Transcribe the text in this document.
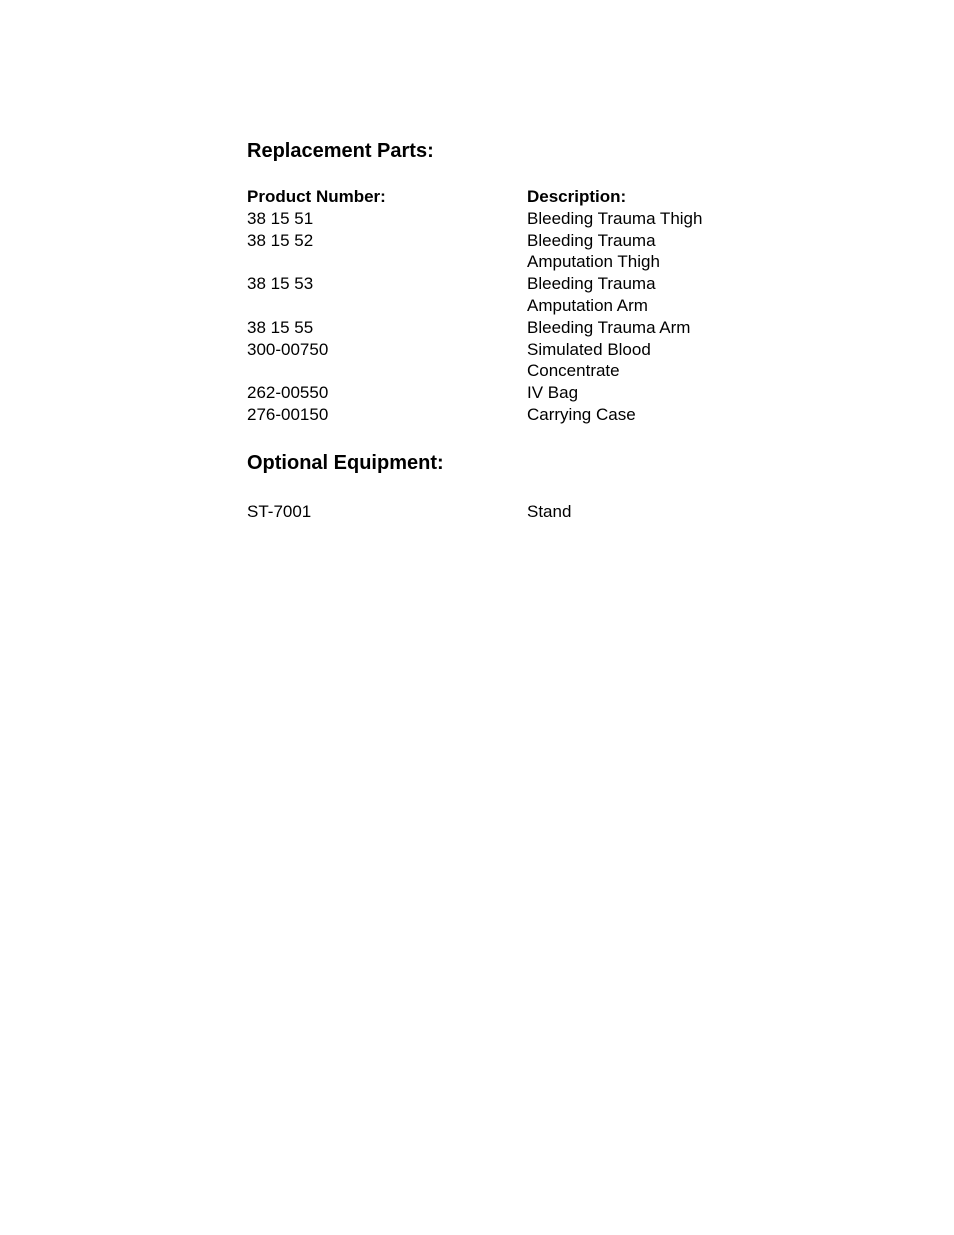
Replacement Parts:
Product Number:	Description:
38 15 51	Bleeding Trauma Thigh
38 15 52	Bleeding Trauma
Amputation Thigh
38 15 53	Bleeding Trauma
Amputation Arm
38 15 55	Bleeding Trauma Arm
300-00750	Simulated Blood
Concentrate
262-00550	IV Bag
276-00150	Carrying Case
Optional Equipment:
ST-7001	Stand
